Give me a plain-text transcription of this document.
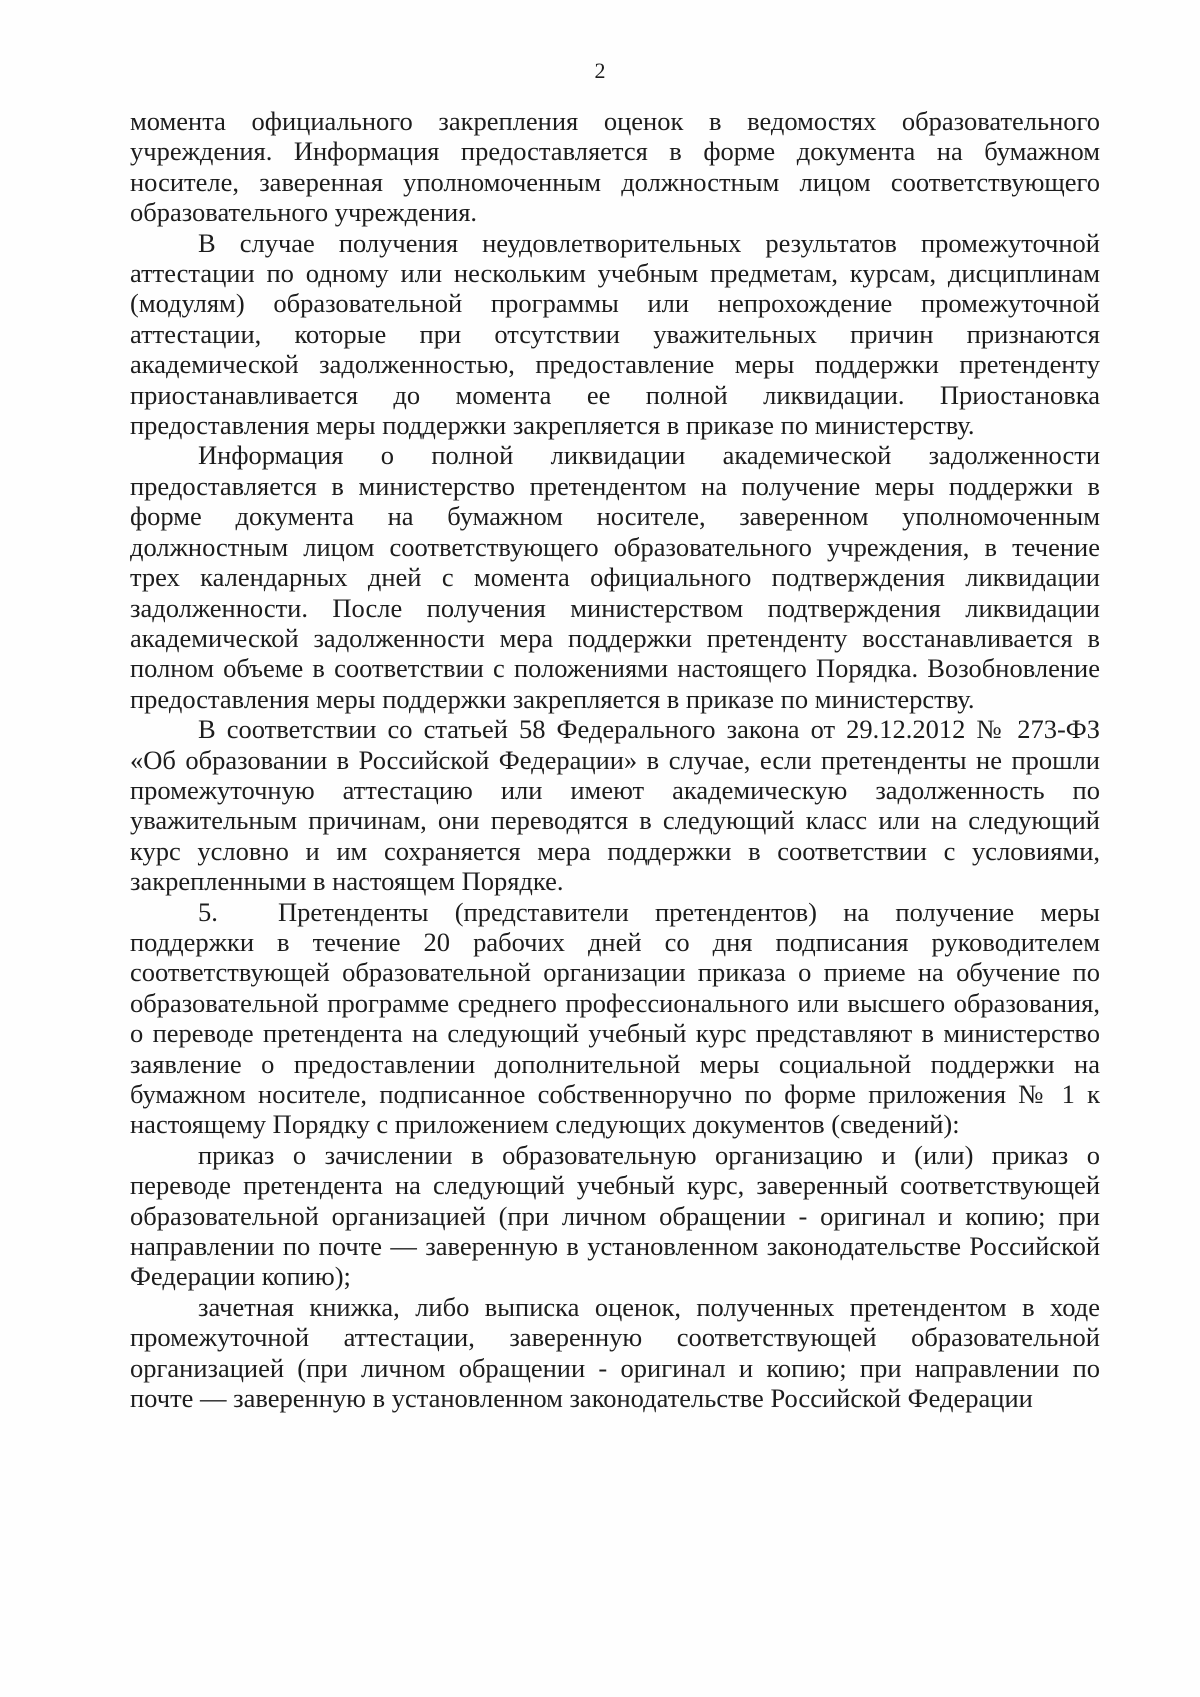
2

момента официального закрепления оценок в ведомостях образовательного учреждения. Информация предоставляется в форме документа на бумажном носителе, заверенная уполномоченным должностным лицом соответствующего образовательного учреждения.

В случае получения неудовлетворительных результатов промежуточной аттестации по одному или нескольким учебным предметам, курсам, дисциплинам (модулям) образовательной программы или непрохождение промежуточной аттестации, которые при отсутствии уважительных причин признаются академической задолженностью, предоставление меры поддержки претенденту приостанавливается до момента ее полной ликвидации. Приостановка предоставления меры поддержки закрепляется в приказе по министерству.

Информация о полной ликвидации академической задолженности предоставляется в министерство претендентом на получение меры поддержки в форме документа на бумажном носителе, заверенном уполномоченным должностным лицом соответствующего образовательного учреждения, в течение трех календарных дней с момента официального подтверждения ликвидации задолженности. После получения министерством подтверждения ликвидации академической задолженности мера поддержки претенденту восстанавливается в полном объеме в соответствии с положениями настоящего Порядка. Возобновление предоставления меры поддержки закрепляется в приказе по министерству.

В соответствии со статьей 58 Федерального закона от 29.12.2012 № 273-ФЗ «Об образовании в Российской Федерации» в случае, если претенденты не прошли промежуточную аттестацию или имеют академическую задолженность по уважительным причинам, они переводятся в следующий класс или на следующий курс условно и им сохраняется мера поддержки в соответствии с условиями, закрепленными в настоящем Порядке.

5. Претенденты (представители претендентов) на получение меры поддержки в течение 20 рабочих дней со дня подписания руководителем соответствующей образовательной организации приказа о приеме на обучение по образовательной программе среднего профессионального или высшего образования, о переводе претендента на следующий учебный курс представляют в министерство заявление о предоставлении дополнительной меры социальной поддержки на бумажном носителе, подписанное собственноручно по форме приложения № 1 к настоящему Порядку с приложением следующих документов (сведений):

приказ о зачислении в образовательную организацию и (или) приказ о переводе претендента на следующий учебный курс, заверенный соответствующей образовательной организацией (при личном обращении - оригинал и копию; при направлении по почте — заверенную в установленном законодательстве Российской Федерации копию);

зачетная книжка, либо выписка оценок, полученных претендентом в ходе промежуточной аттестации, заверенную соответствующей образовательной организацией (при личном обращении - оригинал и копию; при направлении по почте — заверенную в установленном законодательстве Российской Федерации
